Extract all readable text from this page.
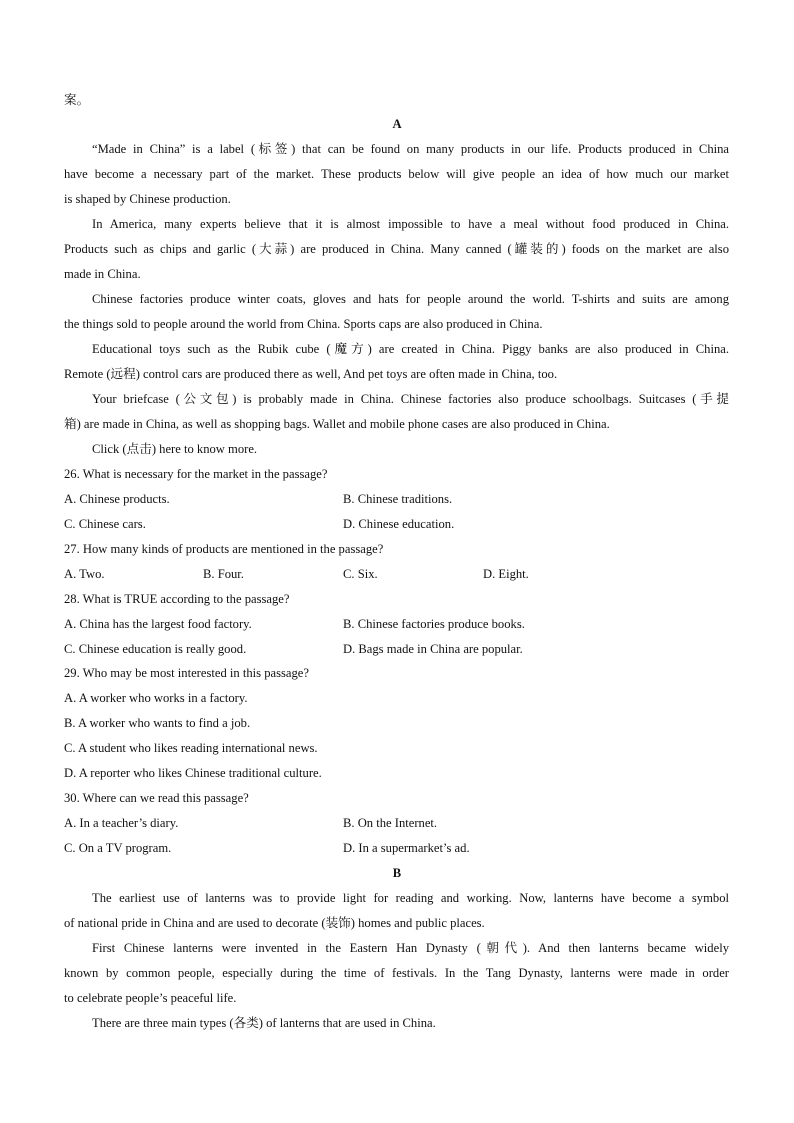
案。
A
“Made in China” is a label (标签) that can be found on many products in our life. Products produced in China
have become a necessary part of the market. These products below will give people an idea of how much our market
is shaped by Chinese production.
In America, many experts believe that it is almost impossible to have a meal without food produced in China.
Products such as chips and garlic (大蒜) are produced in China. Many canned (罐装的) foods on the market are also
made in China.
Chinese factories produce winter coats, gloves and hats for people around the world. T-shirts and suits are among
the things sold to people around the world from China. Sports caps are also produced in China.
Educational toys such as the Rubik cube (魔方) are created in China. Piggy banks are also produced in China.
Remote (远程) control cars are produced there as well, And pet toys are often made in China, too.
Your briefcase (公文包) is probably made in China. Chinese factories also produce schoolbags. Suitcases (手提
箱) are made in China, as well as shopping bags. Wallet and mobile phone cases are also produced in China.
Click (点击) here to know more.
26. What is necessary for the market in the passage?
A. Chinese products.	B. Chinese traditions.
C. Chinese cars.	D. Chinese education.
27. How many kinds of products are mentioned in the passage?
A. Two.	B. Four.	C. Six.	D. Eight.
28. What is TRUE according to the passage?
A. China has the largest food factory.	B. Chinese factories produce books.
C. Chinese education is really good.	D. Bags made in China are popular.
29. Who may be most interested in this passage?
A. A worker who works in a factory.
B. A worker who wants to find a job.
C. A student who likes reading international news.
D. A reporter who likes Chinese traditional culture.
30. Where can we read this passage?
A. In a teacher’s diary.	B. On the Internet.
C. On a TV program.	D. In a supermarket’s ad.
B
The earliest use of lanterns was to provide light for reading and working. Now, lanterns have become a symbol
of national pride in China and are used to decorate (装饰) homes and public places.
First Chinese lanterns were invented in the Eastern Han Dynasty (朝代). And then lanterns became widely
known by common people, especially during the time of festivals. In the Tang Dynasty, lanterns were made in order
to celebrate people’s peaceful life.
There are three main types (各类) of lanterns that are used in China.
